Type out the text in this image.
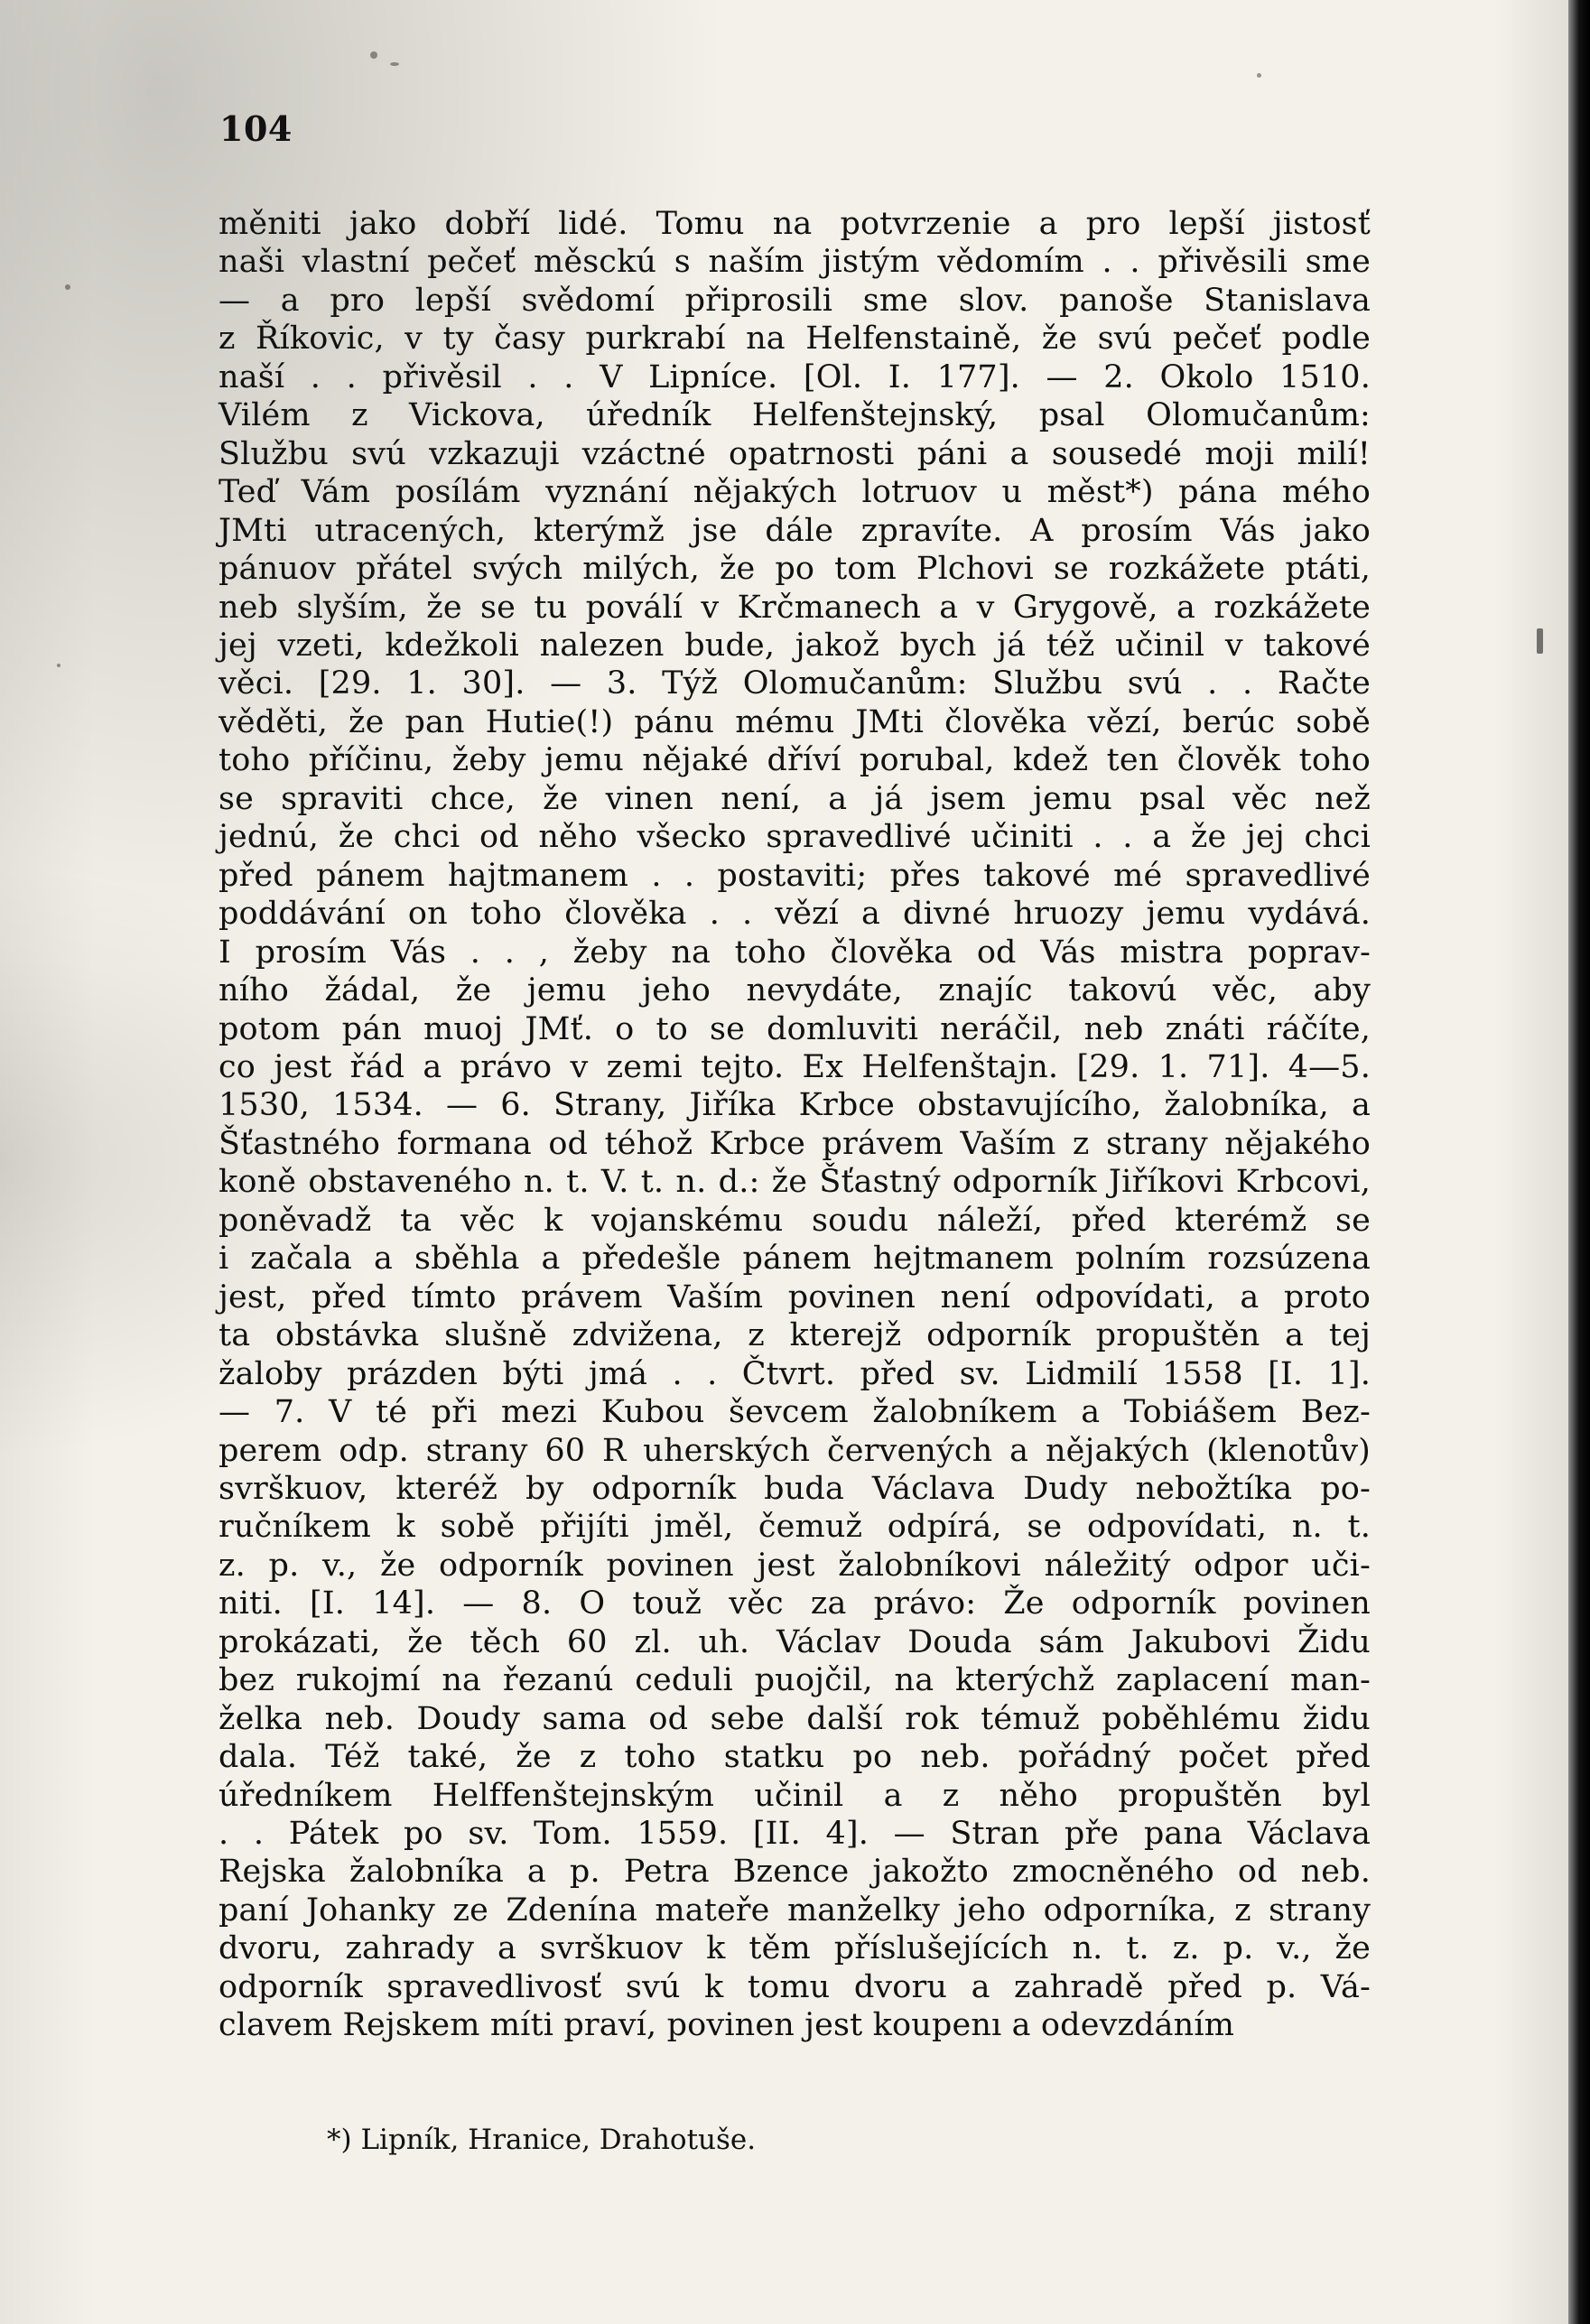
104
měniti jako dobří lidé. Tomu na potvrzenie a pro lepší jistosť
naši vlastní pečeť měsckú s naším jistým vědomím . . přivěsili sme
— a pro lepší svědomí připrosili sme slov. panoše Stanislava
z Říkovic, v ty časy purkrabí na Helfenstaině, že svú pečeť podle
naší . . přivěsil . . V Lipníce. [Ol. I. 177]. — 2. Okolo 1510.
Vilém z Vickova, úředník Helfenštejnský, psal Olomučanům:
Službu svú vzkazuji vzáctné opatrnosti páni a sousedé moji milí!
Teď Vám posílám vyznání nějakých lotruov u měst*) pána mého
JMti utracených, kterýmž jse dále zpravíte. A prosím Vás jako
pánuov přátel svých milých, že po tom Plchovi se rozkážete ptáti,
neb slyším, že se tu poválí v Krčmanech a v Grygově, a rozkážete
jej vzeti, kdežkoli nalezen bude, jakož bych já též učinil v takové
věci. [29. 1. 30]. — 3. Týž Olomučanům: Službu svú . . Račte
věděti, že pan Hutie(!) pánu mému JMti člověka vězí, berúc sobě
toho příčinu, žeby jemu nějaké dříví porubal, kdež ten člověk toho
se spraviti chce, že vinen není, a já jsem jemu psal věc než
jednú, že chci od něho všecko spravedlivé učiniti . . a že jej chci
před pánem hajtmanem . . postaviti; přes takové mé spravedlivé
poddávání on toho člověka . . vězí a divné hruozy jemu vydává.
I prosím Vás . . , žeby na toho člověka od Vás mistra poprav-
ního žádal, že jemu jeho nevydáte, znajíc takovú věc, aby
potom pán muoj JMť. o to se domluviti neráčil, neb znáti ráčíte,
co jest řád a právo v zemi tejto. Ex Helfenštajn. [29. 1. 71]. 4—5.
1530, 1534. — 6. Strany, Jiříka Krbce obstavujícího, žalobníka, a
Šťastného formana od téhož Krbce právem Vaším z strany nějakého
koně obstaveného n. t. V. t. n. d.: že Šťastný odporník Jiříkovi Krbcovi,
poněvadž ta věc k vojanskému soudu náleží, před kterémž se
i začala a sběhla a předešle pánem hejtmanem polním rozsúzena
jest, před tímto právem Vaším povinen není odpovídati, a proto
ta obstávka slušně zdvižena, z kterejž odporník propuštěn a tej
žaloby prázden býti jmá . . Čtvrt. před sv. Lidmilí 1558 [I. 1].
— 7. V té při mezi Kubou ševcem žalobníkem a Tobiášem Bez-
perem odp. strany 60 R uherských červených a nějakých (klenotův)
svrškuov, kteréž by odporník buda Václava Dudy nebožtíka po-
ručníkem k sobě přijíti jměl, čemuž odpírá, se odpovídati, n. t.
z. p. v., že odporník povinen jest žalobníkovi náležitý odpor uči-
niti. [I. 14]. — 8. O touž věc za právo: Že odporník povinen
prokázati, že těch 60 zl. uh. Václav Douda sám Jakubovi Židu
bez rukojmí na řezanú ceduli puojčil, na kterýchž zaplacení man-
želka neb. Doudy sama od sebe další rok témuž poběhlému židu
dala. Též také, že z toho statku po neb. pořádný počet před
úředníkem Helffenštejnským učinil a z něho propuštěn byl
. . Pátek po sv. Tom. 1559. [II. 4]. — Stran pře pana Václava
Rejska žalobníka a p. Petra Bzence jakožto zmocněného od neb.
paní Johanky ze Zdenína mateře manželky jeho odporníka, z strany
dvoru, zahrady a svrškuov k těm příslušejících n. t. z. p. v., že
odporník spravedlivosť svú k tomu dvoru a zahradě před p. Vá-
clavem Rejskem míti praví, povinen jest koupenı a odevzdáním
*) Lipník, Hranice, Drahotuše.
